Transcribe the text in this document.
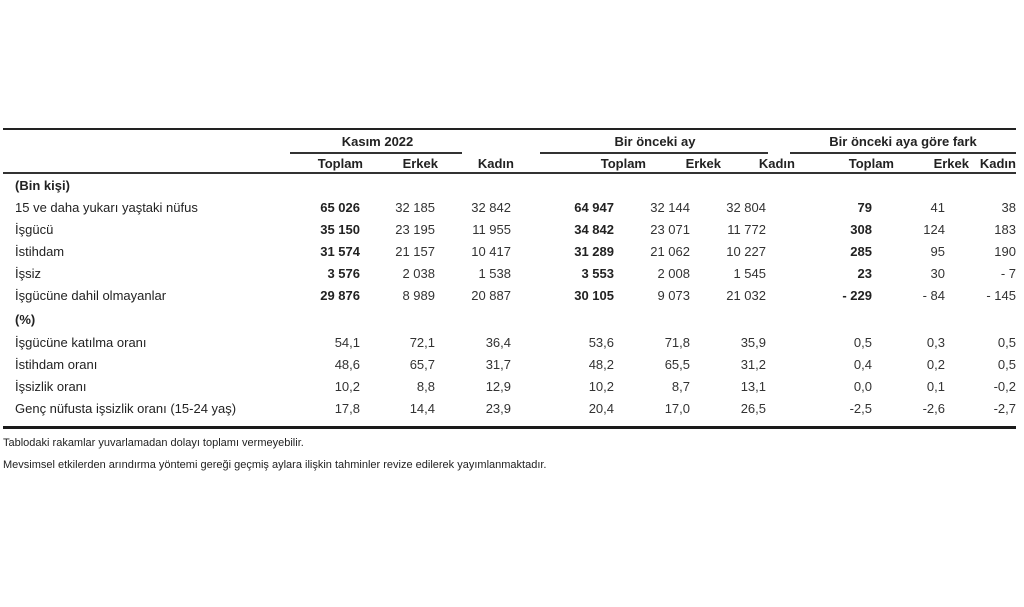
Kasım 2022	Bir önceki ay	Bir önceki aya göre fark
Toplam	Erkek	Kadın	Toplam	Erkek	Kadın	Toplam	Erkek Kadın
(Bin kişi)
15 ve daha yukarı yaştaki nüfus	65 026	32 185	32 842	64 947	32 144	32 804	79	41	38
İşgücü	35 150	23 195	11 955	34 842	23 071	11 772	308	124	183
İstihdam	31 574	21 157	10 417	31 289	21 062	10 227	285	95	190
İşsiz	3 576	2 038	1 538	3 553	2 008	1 545	23	30	- 7
İşgücüne dahil olmayanlar	29 876	8 989	20 887	30 105	9 073	21 032	- 229	- 84	- 145
(%)
İşgücüne katılma oranı	54,1	72,1	36,4	53,6	71,8	35,9	0,5	0,3	0,5
İstihdam oranı	48,6	65,7	31,7	48,2	65,5	31,2	0,4	0,2	0,5
İşsizlik oranı	10,2	8,8	12,9	10,2	8,7	13,1	0,0	0,1	-0,2
Genç nüfusta işsizlik oranı (15-24 yaş)	17,8	14,4	23,9	20,4	17,0	26,5	-2,5	-2,6	-2,7
Tablodaki rakamlar yuvarlamadan dolayı toplamı vermeyebilir.
Mevsimsel etkilerden arındırma yöntemi gereği geçmiş aylara ilişkin tahminler revize edilerek yayımlanmaktadır.
